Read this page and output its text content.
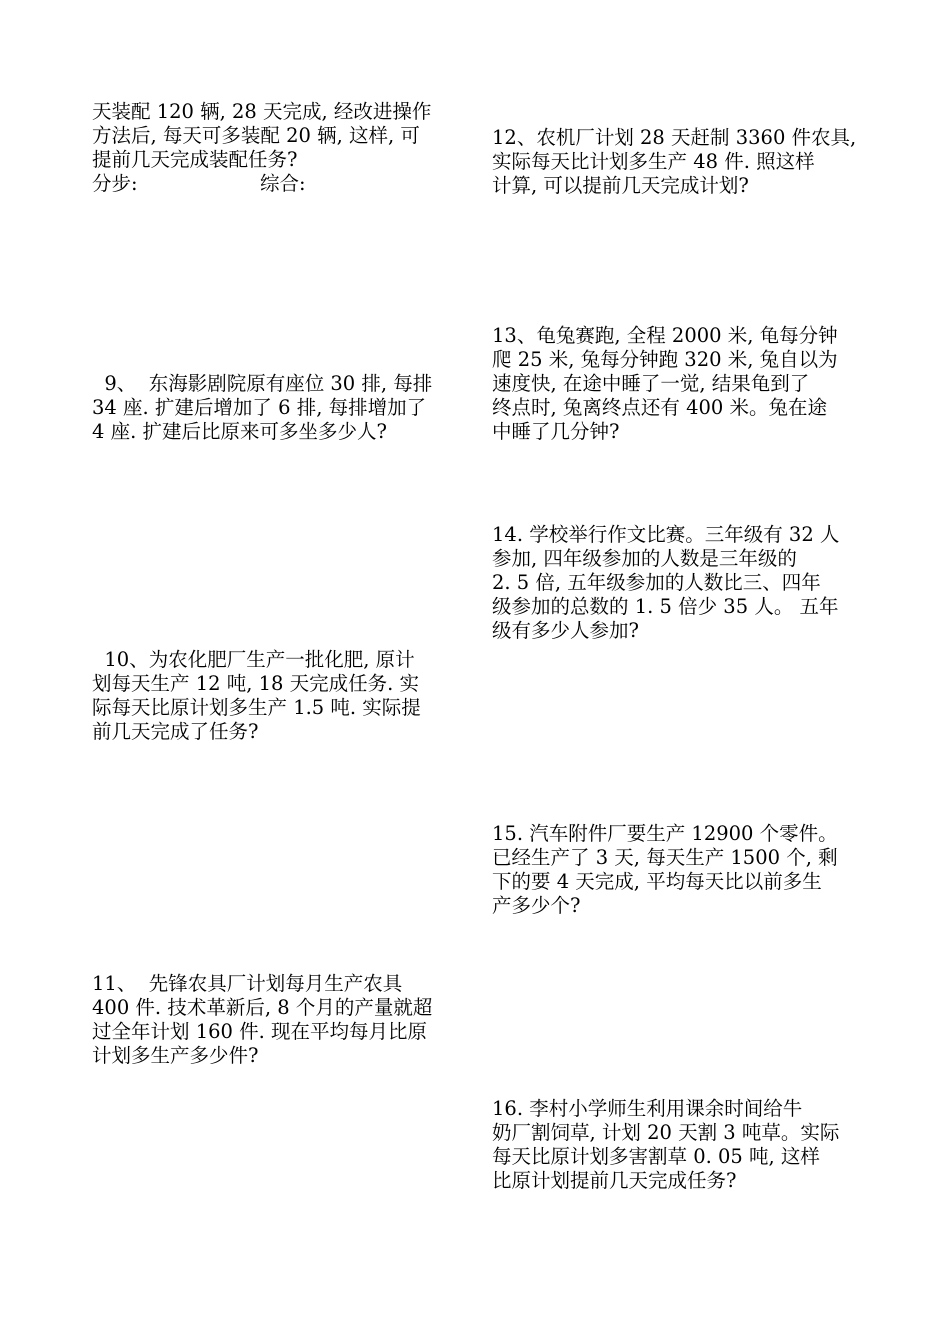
天装配 120 辆, 28 天完成, 经改进操作
方法后, 每天可多装配 20 辆, 这样, 可
提前几天完成装配任务?
分步:	综合:
9、  东海影剧院原有座位 30 排, 每排
34 座. 扩建后增加了 6 排, 每排增加了
4 座. 扩建后比原来可多坐多少人?
10、为农化肥厂生产一批化肥, 原计
划每天生产 12 吨, 18 天完成任务. 实
际每天比原计划多生产 1.5 吨. 实际提
前几天完成了任务?
11、  先锋农具厂计划每月生产农具
400 件. 技术革新后, 8 个月的产量就超
过全年计划 160 件. 现在平均每月比原
计划多生产多少件?
12、农机厂计划 28 天赶制 3360 件农具,
实际每天比计划多生产 48 件. 照这样
计算, 可以提前几天完成计划?
13、龟兔赛跑, 全程 2000 米, 龟每分钟
爬 25 米, 兔每分钟跑 320 米, 兔自以为
速度快, 在途中睡了一觉, 结果龟到了
终点时, 兔离终点还有 400 米。兔在途
中睡了几分钟?
14. 学校举行作文比赛。三年级有 32 人
参加, 四年级参加的人数是三年级的
2. 5 倍, 五年级参加的人数比三、四年
级参加的总数的 1. 5 倍少 35 人。 五年
级有多少人参加?
15. 汽车附件厂要生产 12900 个零件。
已经生产了 3 天, 每天生产 1500 个, 剩
下的要 4 天完成, 平均每天比以前多生
产多少个?
16. 李村小学师生利用课余时间给牛
奶厂割饲草, 计划 20 天割 3 吨草。实际
每天比原计划多害割草 0. 05 吨, 这样
比原计划提前几天完成任务?
